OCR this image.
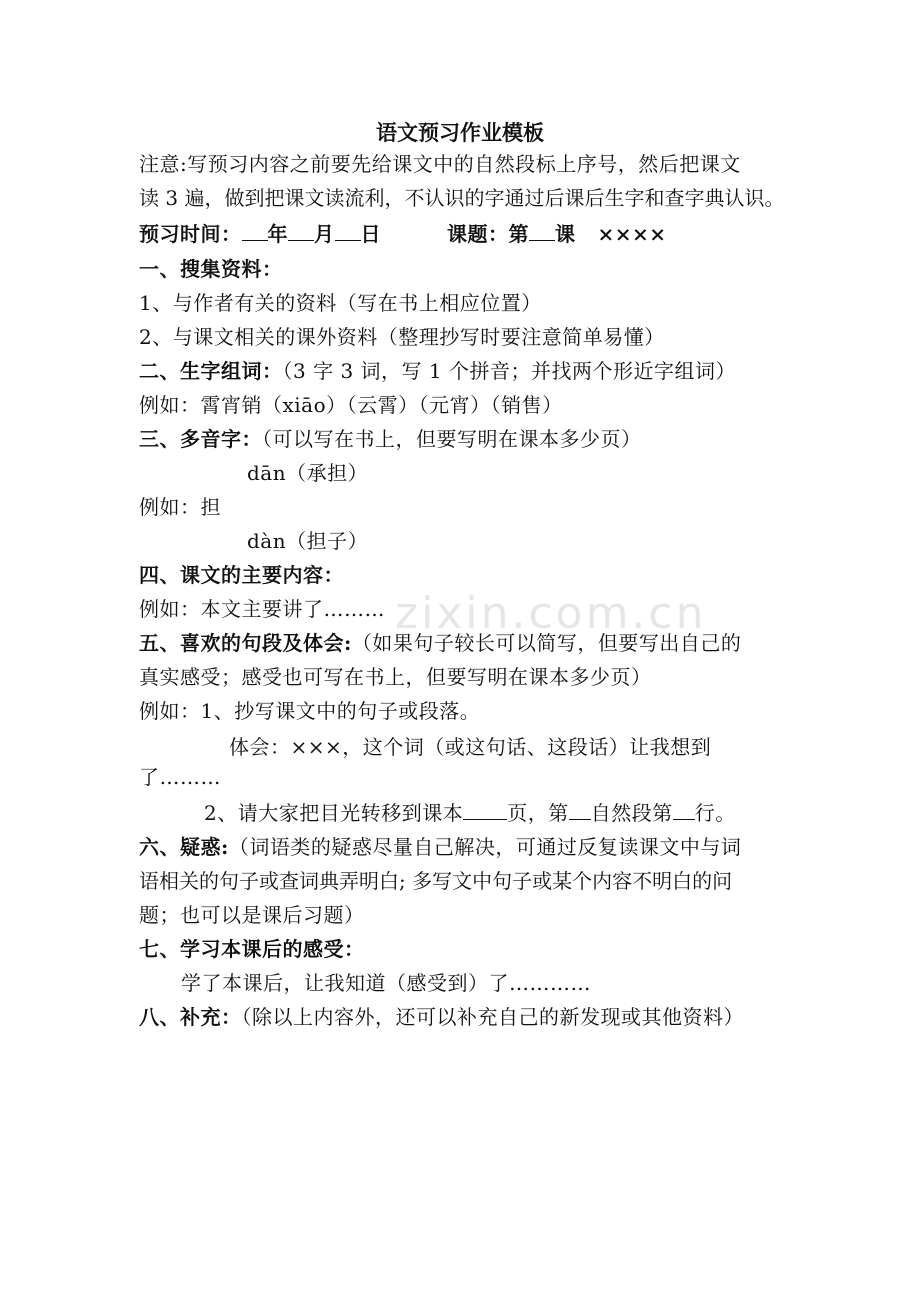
zixin.com.cn
语文预习作业模板
注意:写预习内容之前要先给课文中的自然段标上序号，然后把课文
读 3 遍，做到把课文读流利，不认识的字通过后课后生字和查字典认识。
预习时间： 年 月 日	课题：第 课 ××××
一、搜集资料：
1、与作者有关的资料（写在书上相应位置）
2、与课文相关的课外资料（整理抄写时要注意简单易懂）
二、生字组词：（3 字 3 词，写 1 个拼音；并找两个形近字组词）
例如：霄宵销（xiāo）（云霄）（元宵）（销售）
三、多音字：（可以写在书上，但要写明在课本多少页）
dān（承担）
例如：担
dàn（担子）
四、课文的主要内容：
例如：本文主要讲了………
五、喜欢的句段及体会:（如果句子较长可以简写，但要写出自己的
真实感受；感受也可写在书上，但要写明在课本多少页）
例如：1、抄写课文中的句子或段落。
体会：×××，这个词（或这句话、这段话）让我想到
了………
2、请大家把目光转移到课本 页，第 自然段第 行。
六、疑惑:（词语类的疑惑尽量自己解决，可通过反复读课文中与词
语相关的句子或查词典弄明白; 多写文中句子或某个内容不明白的问
题；也可以是课后习题）
七、学习本课后的感受：
学了本课后，让我知道（感受到）了…………
八、补充：（除以上内容外，还可以补充自己的新发现或其他资料）
